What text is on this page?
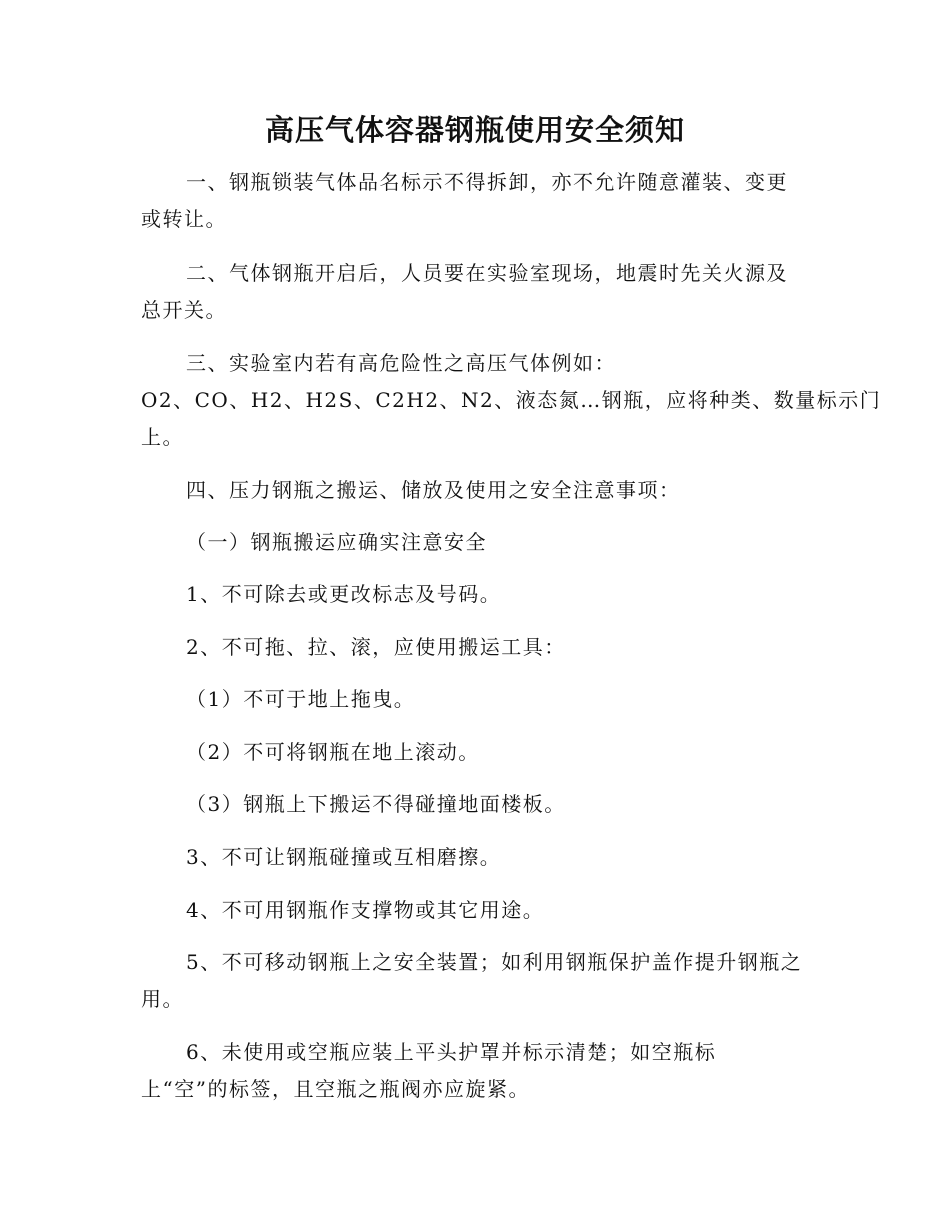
高压气体容器钢瓶使用安全须知
一、钢瓶锁装气体品名标示不得拆卸，亦不允许随意灌装、变更
或转让。
二、气体钢瓶开启后，人员要在实验室现场，地震时先关火源及
总开关。
三、实验室内若有高危险性之高压气体例如：
O2、CO、H2、H2S、C2H2、N2、液态氮…钢瓶，应将种类、数量标示门
上。
四、压力钢瓶之搬运、储放及使用之安全注意事项：
（一）钢瓶搬运应确实注意安全
1、不可除去或更改标志及号码。
2、不可拖、拉、滚，应使用搬运工具：
（1）不可于地上拖曳。
（2）不可将钢瓶在地上滚动。
（3）钢瓶上下搬运不得碰撞地面楼板。
3、不可让钢瓶碰撞或互相磨擦。
4、不可用钢瓶作支撑物或其它用途。
5、不可移动钢瓶上之安全装置；如利用钢瓶保护盖作提升钢瓶之
用。
6、未使用或空瓶应装上平头护罩并标示清楚；如空瓶标
上“空”的标签，且空瓶之瓶阀亦应旋紧。
